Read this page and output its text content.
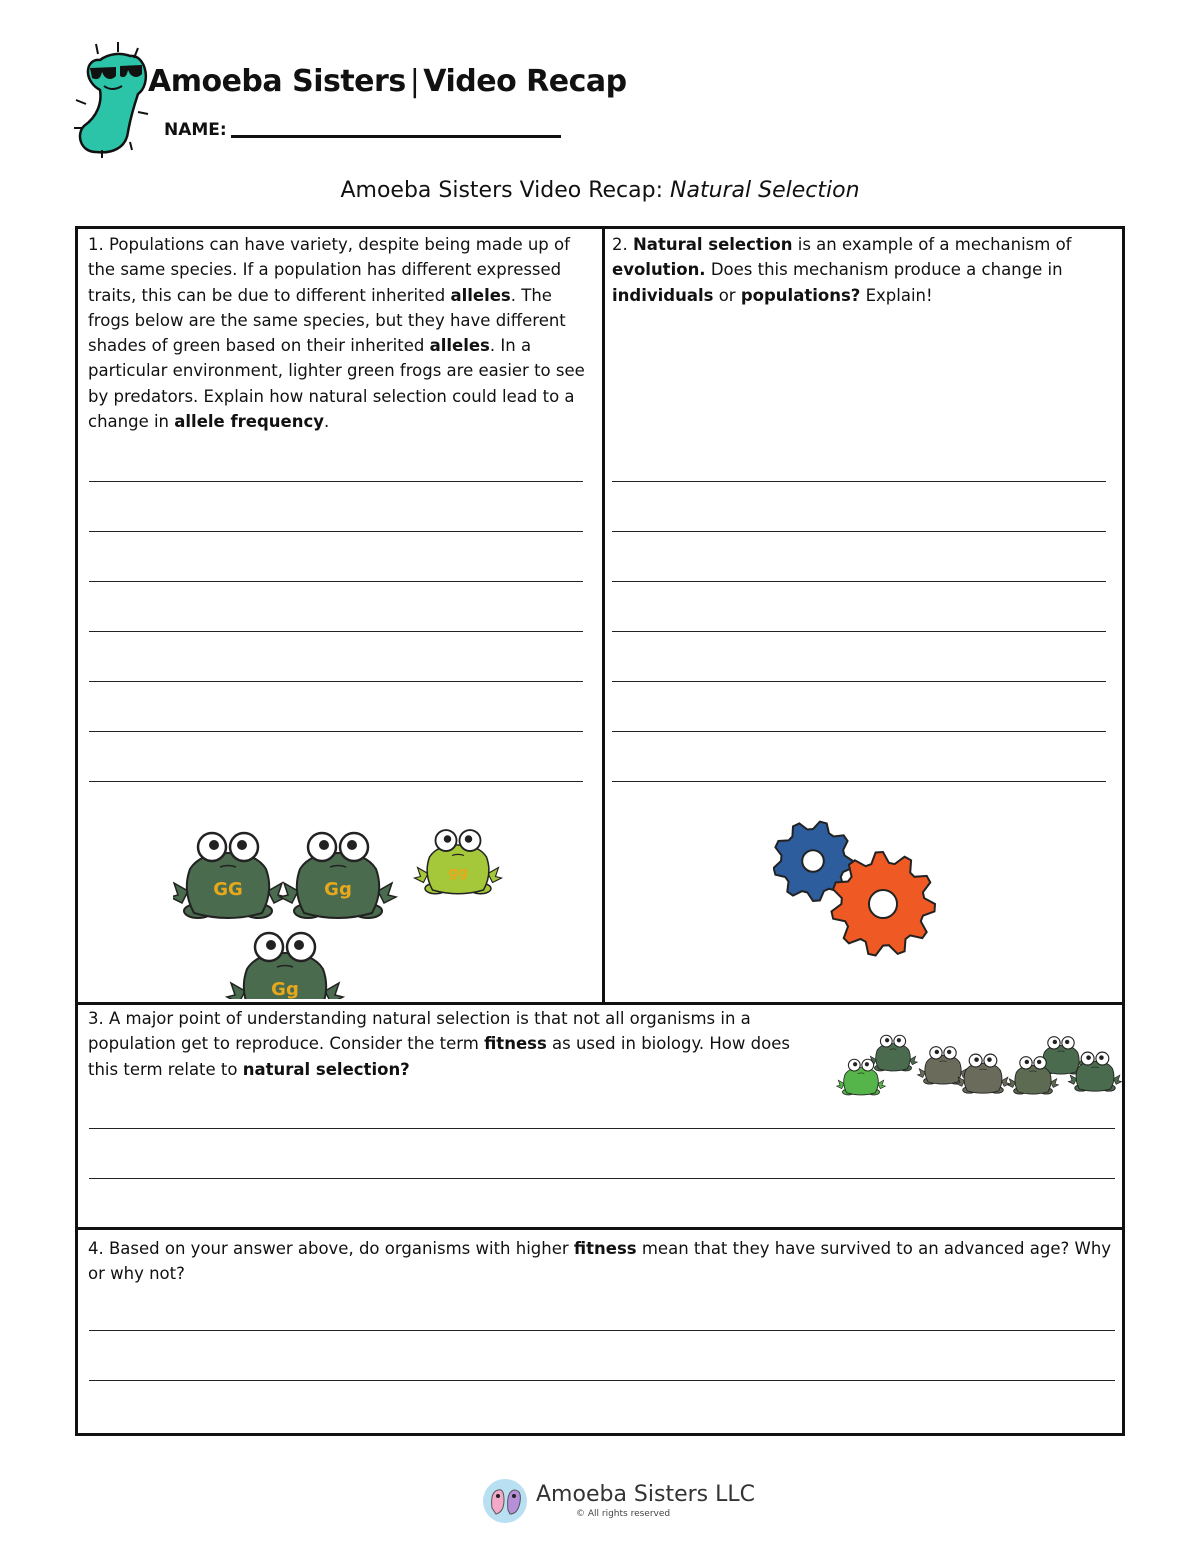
Amoeba Sisters | Video Recap
NAME:
Amoeba Sisters Video Recap: Natural Selection
1. Populations can have variety, despite being made up of the same species. If a population has different expressed traits, this can be due to different inherited alleles. The frogs below are the same species, but they have different shades of green based on their inherited alleles. In a particular environment, lighter green frogs are easier to see by predators. Explain how natural selection could lead to a change in allele frequency.
GG	Gg
gg
Gg
2. Natural selection is an example of a mechanism of evolution. Does this mechanism produce a change in individuals or populations? Explain!
3. A major point of understanding natural selection is that not all organisms in a population get to reproduce. Consider the term fitness as used in biology. How does this term relate to natural selection?
4. Based on your answer above, do organisms with higher fitness mean that they have survived to an advanced age? Why or why not?
Amoeba Sisters LLC
© All rights reserved
